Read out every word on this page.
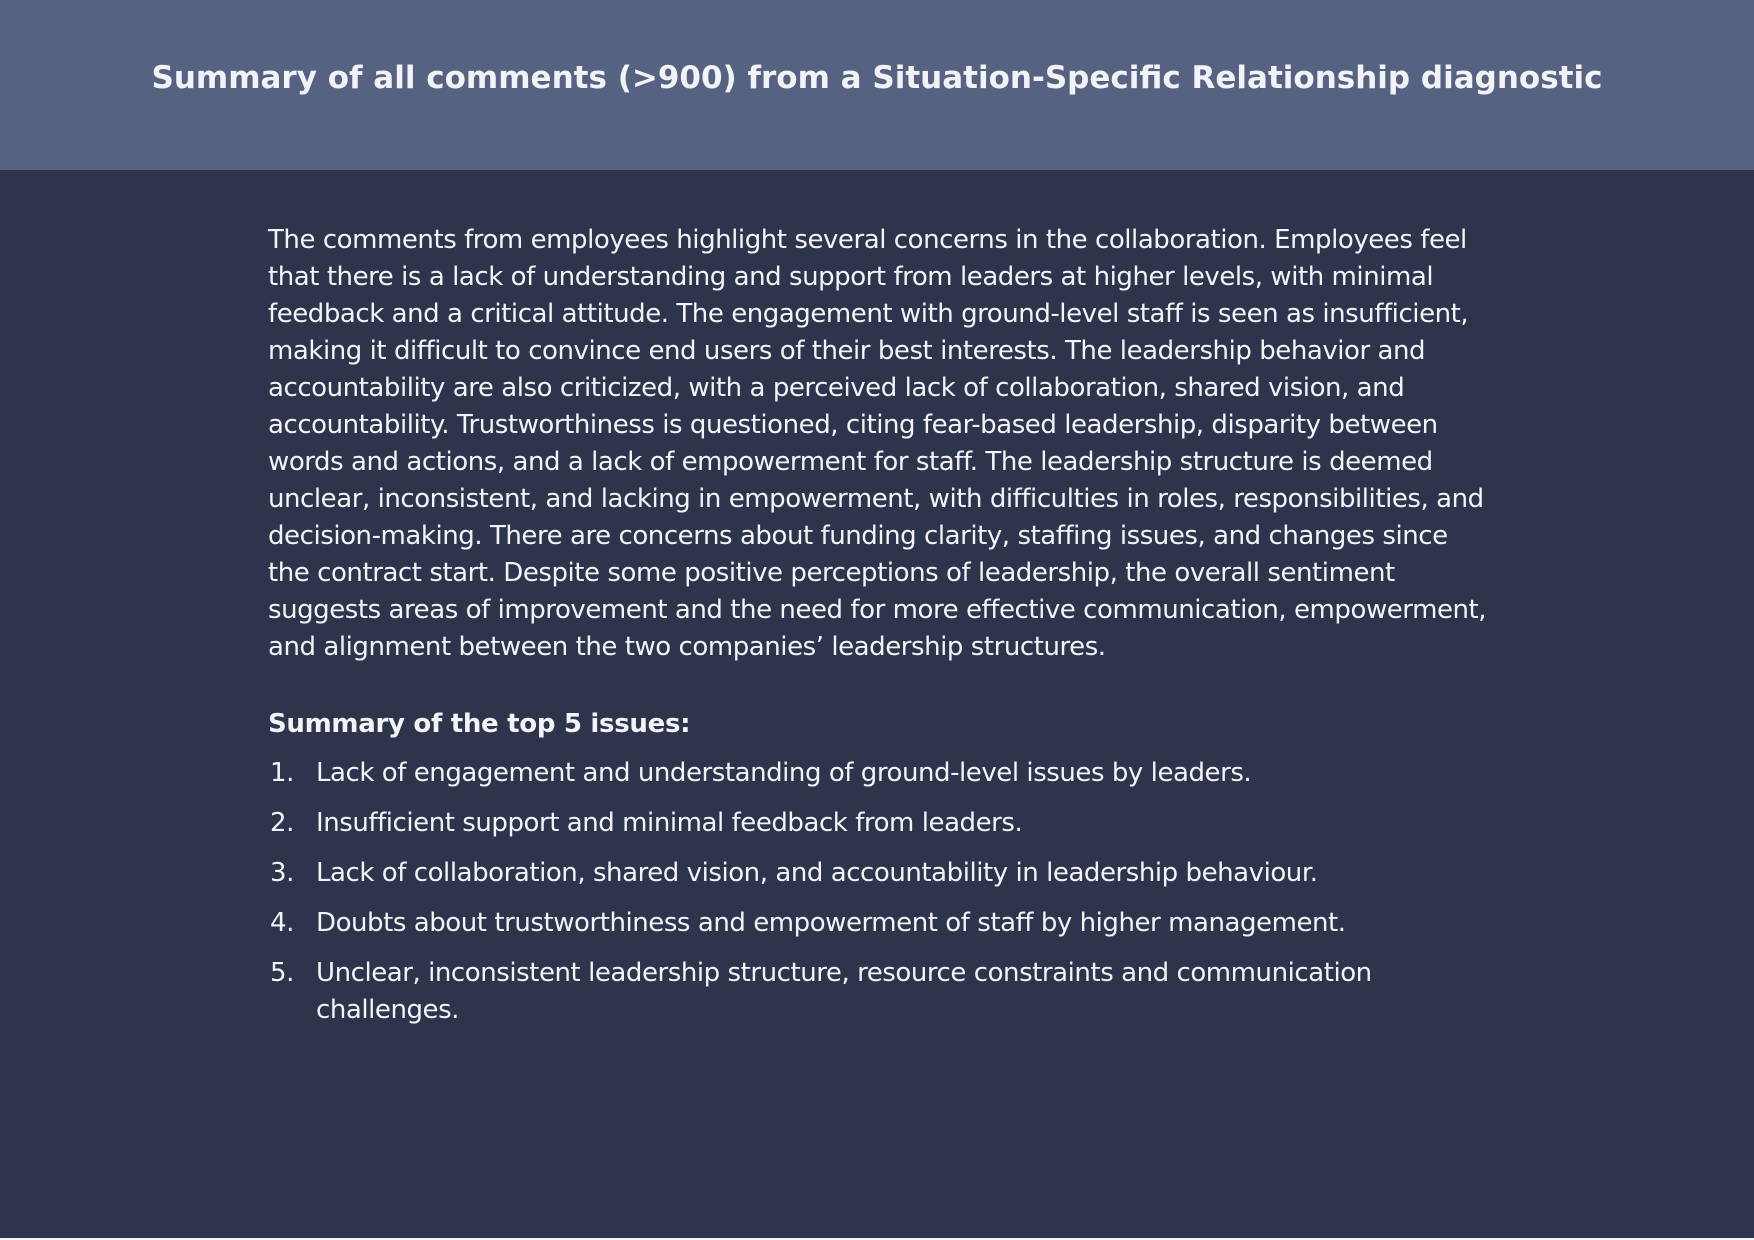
Summary of all comments (>900) from a Situation-Specific Relationship diagnostic

The comments from employees highlight several concerns in the collaboration. Employees feel that there is a lack of understanding and support from leaders at higher levels, with minimal feedback and a critical attitude. The engagement with ground-level staff is seen as insufficient, making it difficult to convince end users of their best interests. The leadership behavior and accountability are also criticized, with a perceived lack of collaboration, shared vision, and accountability. Trustworthiness is questioned, citing fear-based leadership, disparity between words and actions, and a lack of empowerment for staff. The leadership structure is deemed unclear, inconsistent, and lacking in empowerment, with difficulties in roles, responsibilities, and decision-making. There are concerns about funding clarity, staffing issues, and changes since the contract start. Despite some positive perceptions of leadership, the overall sentiment suggests areas of improvement and the need for more effective communication, empowerment, and alignment between the two companies’ leadership structures.

Summary of the top 5 issues:
1. Lack of engagement and understanding of ground-level issues by leaders.
2. Insufficient support and minimal feedback from leaders.
3. Lack of collaboration, shared vision, and accountability in leadership behaviour.
4. Doubts about trustworthiness and empowerment of staff by higher management.
5. Unclear, inconsistent leadership structure, resource constraints and communication challenges.
